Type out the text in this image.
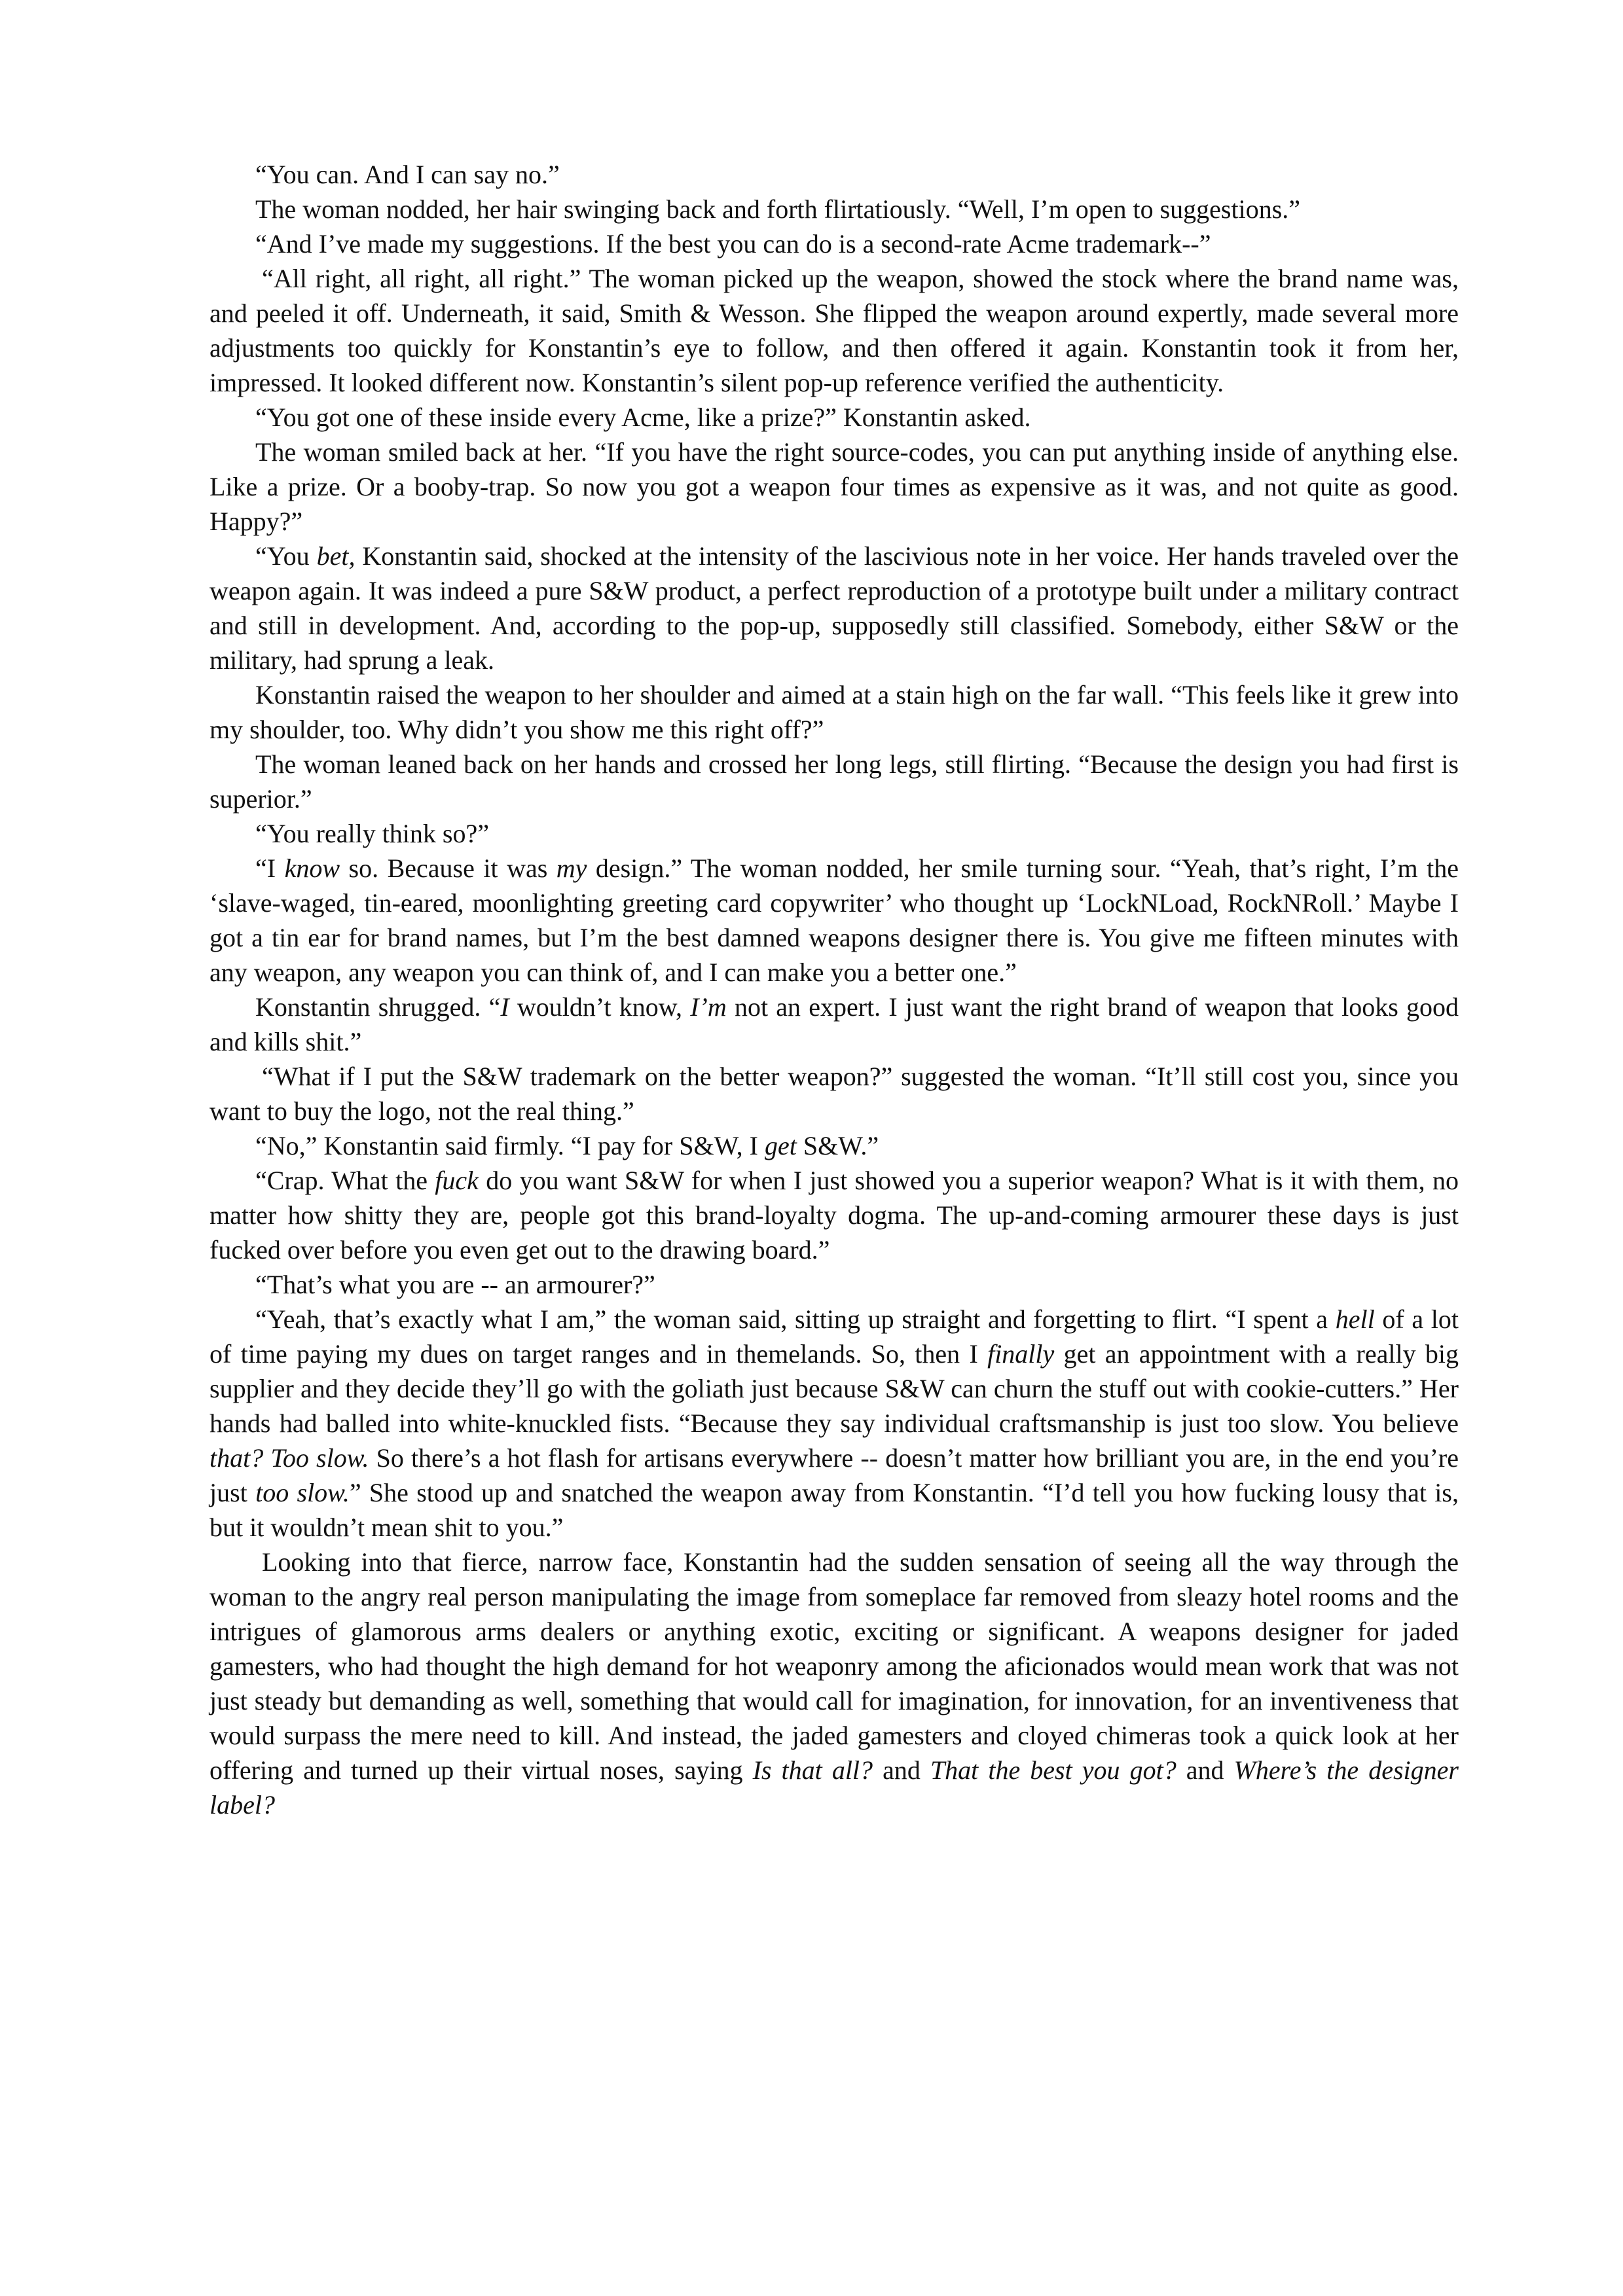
“You can. And I can say no.”

The woman nodded, her hair swinging back and forth flirtatiously. “Well, I’m open to suggestions.”

“And I’ve made my suggestions. If the best you can do is a second-rate Acme trademark--”

“All right, all right, all right.” The woman picked up the weapon, showed the stock where the brand name was, and peeled it off. Underneath, it said, Smith & Wesson. She flipped the weapon around expertly, made several more adjustments too quickly for Konstantin’s eye to follow, and then offered it again. Konstantin took it from her, impressed. It looked different now. Konstantin’s silent pop-up reference verified the authenticity.

“You got one of these inside every Acme, like a prize?” Konstantin asked.

The woman smiled back at her. “If you have the right source-codes, you can put anything inside of anything else. Like a prize. Or a booby-trap. So now you got a weapon four times as expensive as it was, and not quite as good. Happy?”

“You bet, Konstantin said, shocked at the intensity of the lascivious note in her voice. Her hands traveled over the weapon again. It was indeed a pure S&W product, a perfect reproduction of a prototype built under a military contract and still in development. And, according to the pop-up, supposedly still classified. Somebody, either S&W or the military, had sprung a leak.

Konstantin raised the weapon to her shoulder and aimed at a stain high on the far wall. “This feels like it grew into my shoulder, too. Why didn’t you show me this right off?”

The woman leaned back on her hands and crossed her long legs, still flirting. “Because the design you had first is superior.”

“You really think so?”

“I know so. Because it was my design.” The woman nodded, her smile turning sour. “Yeah, that’s right, I’m the ‘slave-waged, tin-eared, moonlighting greeting card copywriter’ who thought up ‘LockNLoad, RockNRoll.’ Maybe I got a tin ear for brand names, but I’m the best damned weapons designer there is. You give me fifteen minutes with any weapon, any weapon you can think of, and I can make you a better one.”

Konstantin shrugged. “I wouldn’t know, I’m not an expert. I just want the right brand of weapon that looks good and kills shit.”

“What if I put the S&W trademark on the better weapon?” suggested the woman. “It’ll still cost you, since you want to buy the logo, not the real thing.”

“No,” Konstantin said firmly. “I pay for S&W, I get S&W.”

“Crap. What the fuck do you want S&W for when I just showed you a superior weapon? What is it with them, no matter how shitty they are, people got this brand-loyalty dogma. The up-and-coming armourer these days is just fucked over before you even get out to the drawing board.”

“That’s what you are -- an armourer?”

“Yeah, that’s exactly what I am,” the woman said, sitting up straight and forgetting to flirt. “I spent a hell of a lot of time paying my dues on target ranges and in themelands. So, then I finally get an appointment with a really big supplier and they decide they’ll go with the goliath just because S&W can churn the stuff out with cookie-cutters.” Her hands had balled into white-knuckled fists. “Because they say individual craftsmanship is just too slow. You believe that? Too slow. So there’s a hot flash for artisans everywhere -- doesn’t matter how brilliant you are, in the end you’re just too slow.” She stood up and snatched the weapon away from Konstantin. “I’d tell you how fucking lousy that is, but it wouldn’t mean shit to you.”

Looking into that fierce, narrow face, Konstantin had the sudden sensation of seeing all the way through the woman to the angry real person manipulating the image from someplace far removed from sleazy hotel rooms and the intrigues of glamorous arms dealers or anything exotic, exciting or significant. A weapons designer for jaded gamesters, who had thought the high demand for hot weaponry among the aficionados would mean work that was not just steady but demanding as well, something that would call for imagination, for innovation, for an inventiveness that would surpass the mere need to kill. And instead, the jaded gamesters and cloyed chimeras took a quick look at her offering and turned up their virtual noses, saying Is that all? and That the best you got? and Where’s the designer label?
